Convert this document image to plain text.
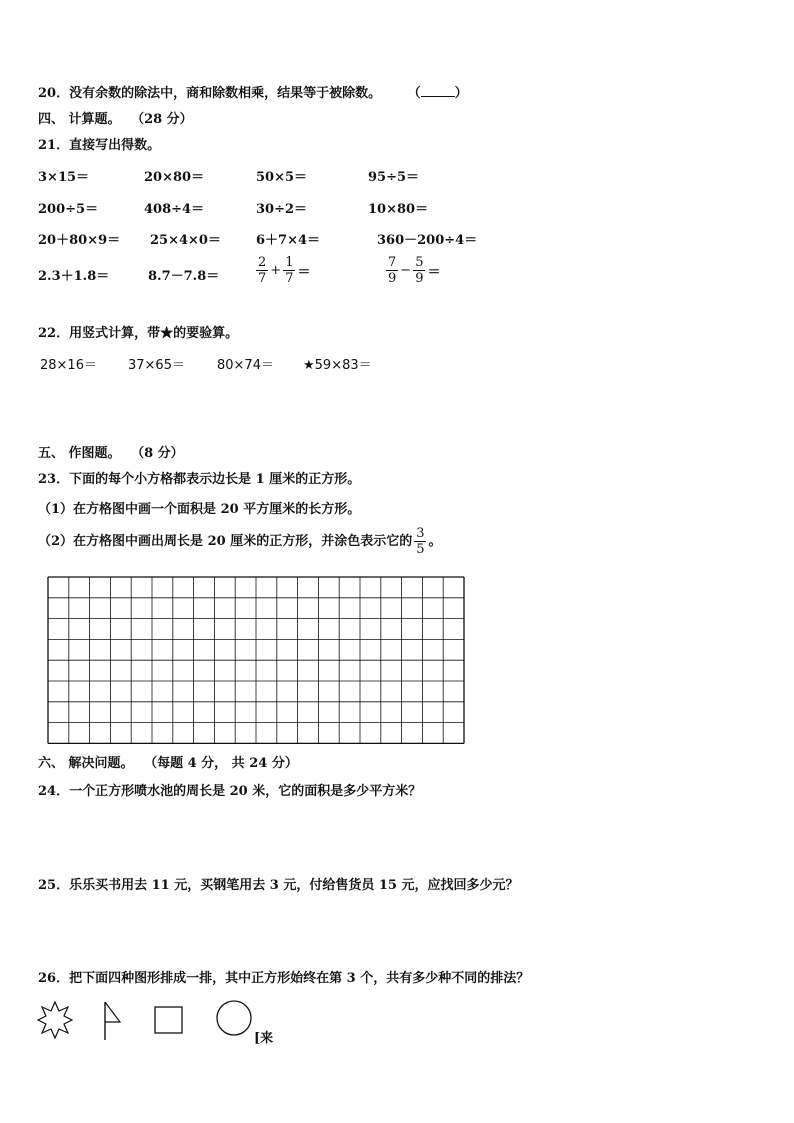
20．没有余数的除法中，商和除数相乘，结果等于被除数。 （	）
四、 计算题。 （28 分）
21．直接写出得数。
3×15＝	20×80＝	50×5＝	95÷5＝
200÷5＝	408÷4＝	30÷2＝	10×80＝
20＋80×9＝ 25×4×0＝	6＋7×4＝	360－200÷4＝
2.3＋1.8＝	8.7－7.8＝	$\frac{2}{7} + \frac{1}{7}$ ＝	$\frac{7}{9} - \frac{5}{9}$ ＝
22．用竖式计算，带★的要验算。
28×16＝ 37×65＝ 80×74＝ ★59×83＝
五、 作图题。 （8 分）
23．下面的每个小方格都表示边长是 1 厘米的正方形。
（1）在方格图中画一个面积是 20 平方厘米的长方形。
（2）在方格图中画出周长是 20 厘米的正方形，并涂色表示它的 $\frac{3}{5}$ 。
六、 解决问题。 （每题 4 分， 共 24 分）
24．一个正方形喷水池的周长是 20 米，它的面积是多少平方米？
25．乐乐买书用去 11 元，买钢笔用去 3 元，付给售货员 15 元，应找回多少元？
26．把下面四种图形排成一排，其中正方形始终在第 3 个，共有多少种不同的排法？
[来
